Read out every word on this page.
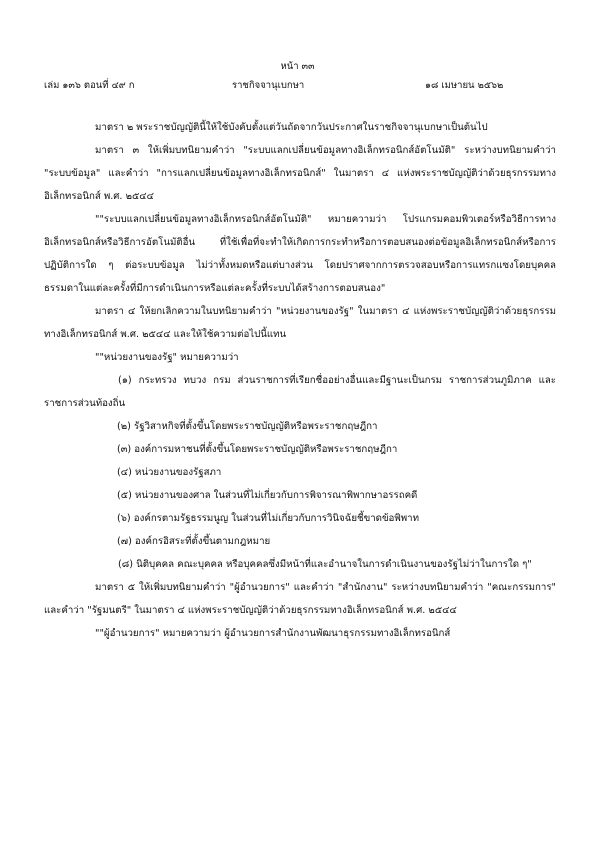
หน้า ๓๓
เล่ม ๑๓๖ ตอนที่ ๔๙ ก	ราชกิจจานุเบกษา	๑๘ เมษายน ๒๕๖๒

มาตรา ๒ พระราชบัญญัตินี้ให้ใช้บังคับตั้งแต่วันถัดจากวันประกาศในราชกิจจานุเบกษาเป็นต้นไป

มาตรา ๓ ให้เพิ่มบทนิยามคำว่า "ระบบแลกเปลี่ยนข้อมูลทางอิเล็กทรอนิกส์อัตโนมัติ" ระหว่างบทนิยามคำว่า "ระบบข้อมูล" และคำว่า "การแลกเปลี่ยนข้อมูลทางอิเล็กทรอนิกส์" ในมาตรา ๔ แห่งพระราชบัญญัติว่าด้วยธุรกรรมทางอิเล็กทรอนิกส์ พ.ศ. ๒๕๔๔

""ระบบแลกเปลี่ยนข้อมูลทางอิเล็กทรอนิกส์อัตโนมัติ" หมายความว่า โปรแกรมคอมพิวเตอร์หรือวิธีการทางอิเล็กทรอนิกส์หรือวิธีการอัตโนมัติอื่น ที่ใช้เพื่อที่จะทำให้เกิดการกระทำหรือการตอบสนองต่อข้อมูลอิเล็กทรอนิกส์หรือการปฏิบัติการใด ๆ ต่อระบบข้อมูล ไม่ว่าทั้งหมดหรือแต่บางส่วน โดยปราศจากการตรวจสอบหรือการแทรกแซงโดยบุคคลธรรมดาในแต่ละครั้งที่มีการดำเนินการหรือแต่ละครั้งที่ระบบได้สร้างการตอบสนอง"

มาตรา ๔ ให้ยกเลิกความในบทนิยามคำว่า "หน่วยงานของรัฐ" ในมาตรา ๔ แห่งพระราชบัญญัติว่าด้วยธุรกรรมทางอิเล็กทรอนิกส์ พ.ศ. ๒๕๔๔ และให้ใช้ความต่อไปนี้แทน

""หน่วยงานของรัฐ" หมายความว่า

(๑) กระทรวง ทบวง กรม ส่วนราชการที่เรียกชื่ออย่างอื่นและมีฐานะเป็นกรม ราชการส่วนภูมิภาค และราชการส่วนท้องถิ่น

(๒) รัฐวิสาหกิจที่ตั้งขึ้นโดยพระราชบัญญัติหรือพระราชกฤษฎีกา

(๓) องค์การมหาชนที่ตั้งขึ้นโดยพระราชบัญญัติหรือพระราชกฤษฎีกา

(๔) หน่วยงานของรัฐสภา

(๕) หน่วยงานของศาล ในส่วนที่ไม่เกี่ยวกับการพิจารณาพิพากษาอรรถคดี

(๖) องค์กรตามรัฐธรรมนูญ ในส่วนที่ไม่เกี่ยวกับการวินิจฉัยชี้ขาดข้อพิพาท

(๗) องค์กรอิสระที่ตั้งขึ้นตามกฎหมาย

(๘) นิติบุคคล คณะบุคคล หรือบุคคลซึ่งมีหน้าที่และอำนาจในการดำเนินงานของรัฐไม่ว่าในการใด ๆ"

มาตรา ๕ ให้เพิ่มบทนิยามคำว่า "ผู้อำนวยการ" และคำว่า "สำนักงาน" ระหว่างบทนิยามคำว่า "คณะกรรมการ" และคำว่า "รัฐมนตรี" ในมาตรา ๔ แห่งพระราชบัญญัติว่าด้วยธุรกรรมทางอิเล็กทรอนิกส์ พ.ศ. ๒๕๔๔

""ผู้อำนวยการ" หมายความว่า ผู้อำนวยการสำนักงานพัฒนาธุรกรรมทางอิเล็กทรอนิกส์
